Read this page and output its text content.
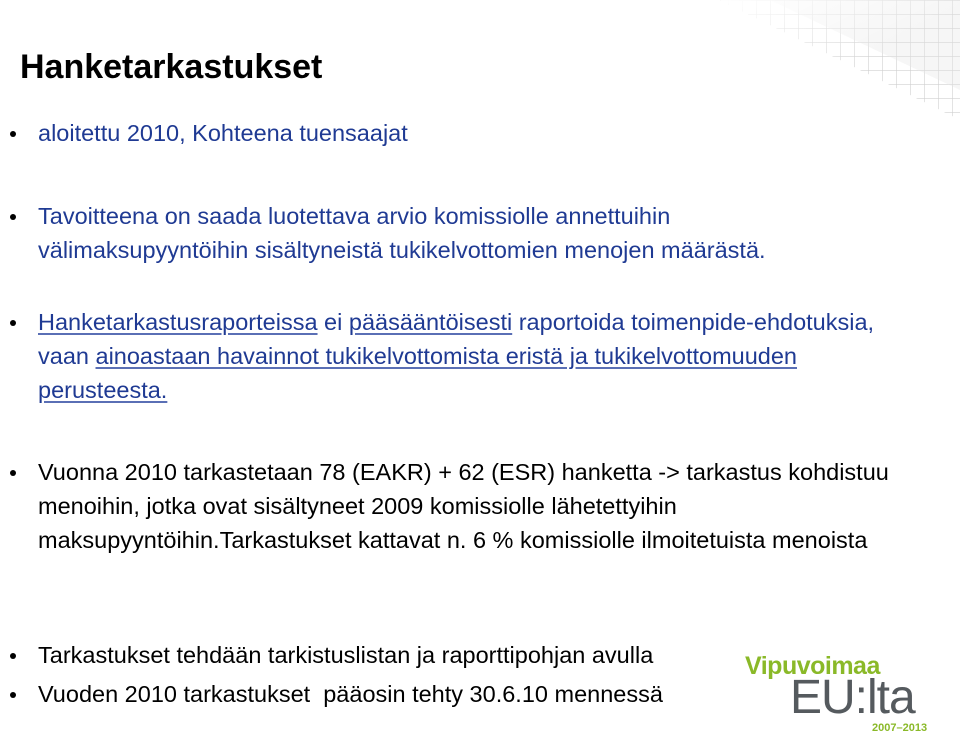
Hanketarkastukset

aloitettu 2010, Kohteena tuensaajat

Tavoitteena on saada luotettava arvio komissiolle annettuihin välimaksupyyntöihin sisältyneistä tukikelvottomien menojen määrästä.

Hanketarkastusraporteissa ei pääsääntöisesti raportoida toimenpide-ehdotuksia, vaan ainoastaan havainnot tukikelvottomista eristä ja tukikelvottomuuden perusteesta.

Vuonna 2010 tarkastetaan 78 (EAKR) + 62 (ESR) hanketta -> tarkastus kohdistuu menoihin, jotka ovat sisältyneet 2009 komissiolle lähetettyihin maksupyyntöihin.Tarkastukset kattavat n. 6 % komissiolle ilmoitetuista menoista

Tarkastukset tehdään tarkistuslistan ja raporttipohjan avulla

Vuoden 2010 tarkastukset  pääosin tehty 30.6.10 mennessä

Vipuvoimaa
EU:lta
2007–2013
